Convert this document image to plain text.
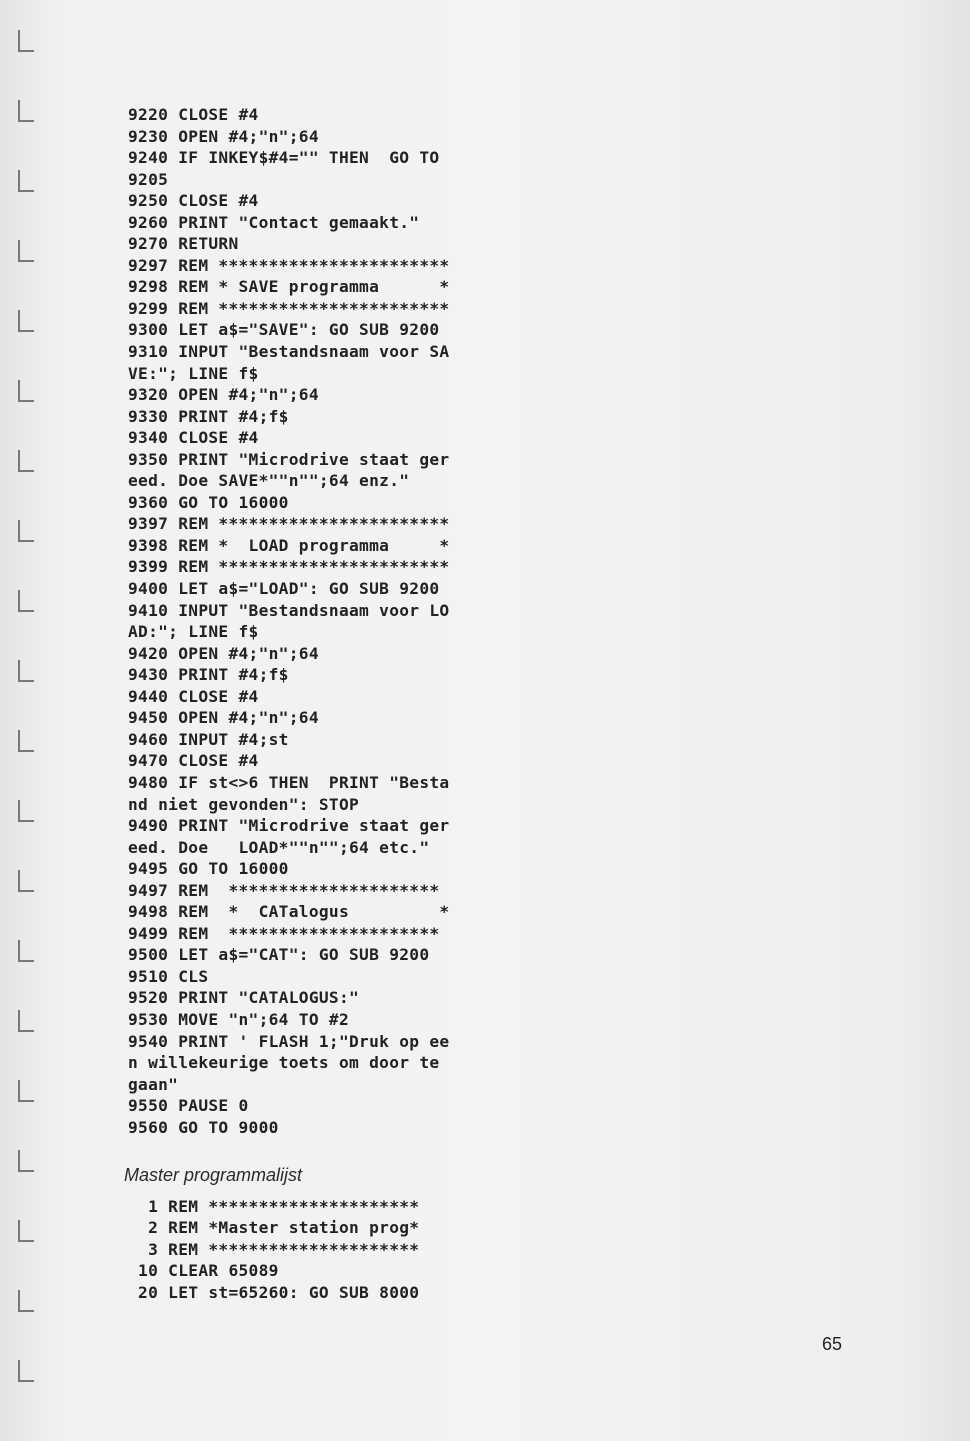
9220 CLOSE #4
9230 OPEN #4;"n";64
9240 IF INKEY$#4="" THEN  GO TO
9205
9250 CLOSE #4
9260 PRINT "Contact gemaakt."
9270 RETURN
9297 REM ***********************
9298 REM * SAVE programma      *
9299 REM ***********************
9300 LET a$="SAVE": GO SUB 9200
9310 INPUT "Bestandsnaam voor SA
VE:"; LINE f$
9320 OPEN #4;"n";64
9330 PRINT #4;f$
9340 CLOSE #4
9350 PRINT "Microdrive staat ger
eed. Doe SAVE*""n"";64 enz."
9360 GO TO 16000
9397 REM ***********************
9398 REM *  LOAD programma     *
9399 REM ***********************
9400 LET a$="LOAD": GO SUB 9200
9410 INPUT "Bestandsnaam voor LO
AD:"; LINE f$
9420 OPEN #4;"n";64
9430 PRINT #4;f$
9440 CLOSE #4
9450 OPEN #4;"n";64
9460 INPUT #4;st
9470 CLOSE #4
9480 IF st<>6 THEN  PRINT "Besta
nd niet gevonden": STOP
9490 PRINT "Microdrive staat ger
eed. Doe   LOAD*""n"";64 etc."
9495 GO TO 16000
9497 REM  *********************
9498 REM  *  CATalogus         *
9499 REM  *********************
9500 LET a$="CAT": GO SUB 9200
9510 CLS
9520 PRINT "CATALOGUS:"
9530 MOVE "n";64 TO #2
9540 PRINT ' FLASH 1;"Druk op ee
n willekeurige toets om door te
gaan"
9550 PAUSE 0
9560 GO TO 9000
Master programmalijst
1 REM *********************
2 REM *Master station prog*
3 REM *********************
10 CLEAR 65089
20 LET st=65260: GO SUB 8000
65
